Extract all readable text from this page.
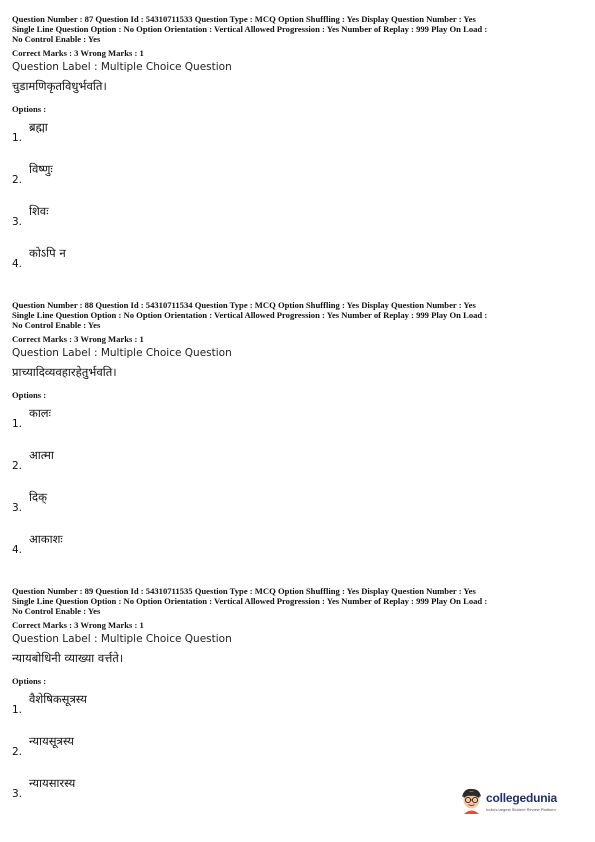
Question Number : 87 Question Id : 54310711533 Question Type : MCQ Option Shuffling : Yes Display Question Number : Yes

Single Line Question Option : No Option Orientation : Vertical Allowed Progression : Yes Number of Replay : 999 Play On Load :

No Control Enable : Yes

Correct Marks : 3 Wrong Marks : 1
Question Label : Multiple Choice Question
चुडामणिकृतविधुर्भवति।
Options :
1.
ब्रह्मा
2.
विष्णुः
3.
शिवः
4.
कोऽपि न

Question Number : 88 Question Id : 54310711534 Question Type : MCQ Option Shuffling : Yes Display Question Number : Yes

Single Line Question Option : No Option Orientation : Vertical Allowed Progression : Yes Number of Replay : 999 Play On Load :

No Control Enable : Yes

Correct Marks : 3 Wrong Marks : 1
Question Label : Multiple Choice Question
प्राच्यादिव्यवहारहेतुर्भवति।
Options :
1.
कालः
2.
आत्मा
3.
दिक्
4.
आकाशः

Question Number : 89 Question Id : 54310711535 Question Type : MCQ Option Shuffling : Yes Display Question Number : Yes

Single Line Question Option : No Option Orientation : Vertical Allowed Progression : Yes Number of Replay : 999 Play On Load :

No Control Enable : Yes

Correct Marks : 3 Wrong Marks : 1
Question Label : Multiple Choice Question
न्यायबोधिनी व्याख्या वर्त्तते।
Options :
1.
वैशेषिकसूत्रस्य
2.
न्यायसूत्रस्य
3.
न्यायसारस्य
collegedunia
India's largest Student Review Platform
